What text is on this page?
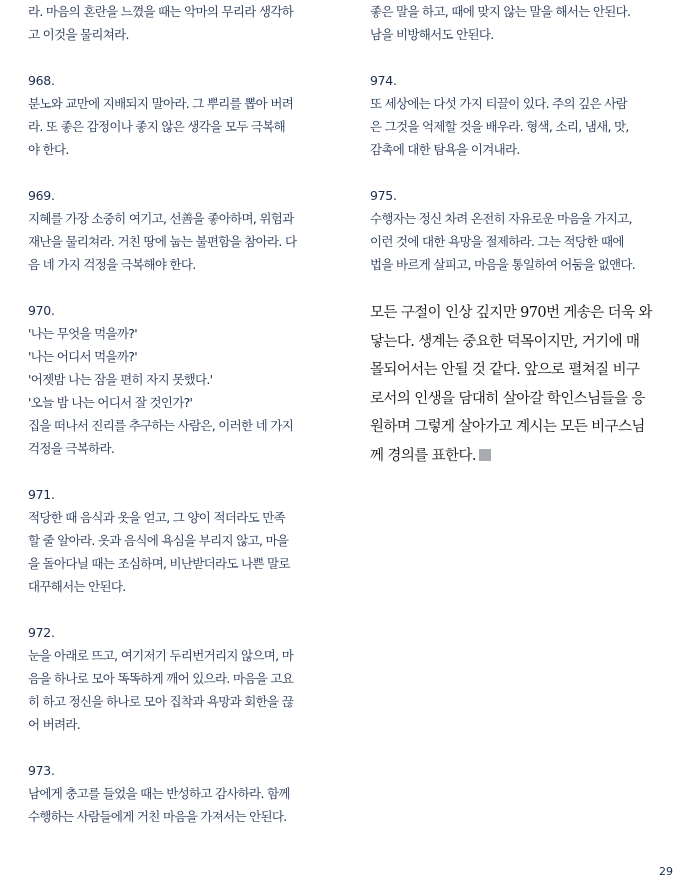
라. 마음의 혼란을 느꼈을 때는 악마의 무리라 생각하
고 이것을 물리쳐라.
968.
분노와 교만에 지배되지 말아라. 그 뿌리를 뽑아 버려
라. 또 좋은 감정이나 좋지 않은 생각을 모두 극복해
야 한다.
969.
지혜를 가장 소중히 여기고, 선善을 좋아하며, 위험과
재난을 물리쳐라. 거친 땅에 눕는 불편함을 참아라. 다
음 네 가지 걱정을 극복해야 한다.
970.
'나는 무엇을 먹을까?'
'나는 어디서 먹을까?'
'어젯밤 나는 잠을 편히 자지 못했다.'
'오늘 밤 나는 어디서 잘 것인가?'
집을 떠나서 진리를 추구하는 사람은, 이러한 네 가지
걱정을 극복하라.
971.
적당한 때 음식과 옷을 얻고, 그 양이 적더라도 만족
할 줄 알아라. 옷과 음식에 욕심을 부리지 않고, 마을
을 돌아다닐 때는 조심하며, 비난받더라도 나쁜 말로
대꾸해서는 안된다.
972.
눈을 아래로 뜨고, 여기저기 두리번거리지 않으며, 마
음을 하나로 모아 똑똑하게 깨어 있으라. 마음을 고요
히 하고 정신을 하나로 모아 집착과 욕망과 회한을 끊
어 버려라.
973.
남에게 충고를 들었을 때는 반성하고 감사하라. 함께
수행하는 사람들에게 거친 마음을 가져서는 안된다.
좋은 말을 하고, 때에 맞지 않는 말을 해서는 안된다.
남을 비방해서도 안된다.
974.
또 세상에는 다섯 가지 티끌이 있다. 주의 깊은 사람
은 그것을 억제할 것을 배우라. 형색, 소리, 냄새, 맛,
감촉에 대한 탐욕을 이겨내라.
975.
수행자는 정신 차려 온전히 자유로운 마음을 가지고,
이런 것에 대한 욕망을 절제하라. 그는 적당한 때에
법을 바르게 살피고, 마음을 통일하여 어둠을 없앤다.
모든 구절이 인상 깊지만 970번 게송은 더욱 와
닿는다. 생계는 중요한 덕목이지만, 거기에 매
몰되어서는 안될 것 같다. 앞으로 펼쳐질 비구
로서의 인생을 담대히 살아갈 학인스님들을 응
원하며 그렇게 살아가고 계시는 모든 비구스님
께 경의를 표한다.
29
